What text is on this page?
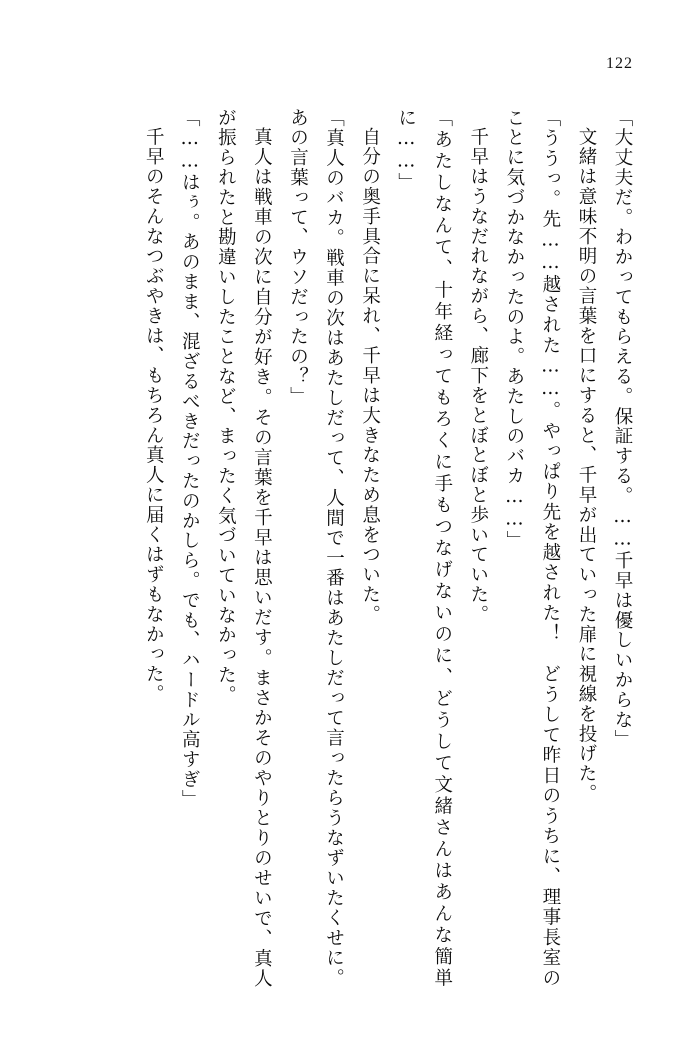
122

「大丈夫だ。わかってもらえる。保証する。……千早は優しいからな」

文緒は意味不明の言葉を口にすると、千早が出ていった扉に視線を投げた。

「ううっ。先……越された……。やっぱり先を越された！　どうして昨日のうちに、理事長室のことに気づかなかったのよ。あたしのバカ……」

千早はうなだれながら、廊下をとぼとぼと歩いていた。

「あたしなんて、十年経ってもろくに手もつなげないのに、どうして文緒さんはあんな簡単に……」

自分の奥手具合に呆れ、千早は大きなため息をついた。

「真人のバカ。戦車の次はあたしだって、人間で一番はあたしだって言ったらうなずいたくせに。あの言葉って、ウソだったの？」

真人は戦車の次に自分が好き。その言葉を千早は思いだす。まさかそのやりとりのせいで、真人が振られたと勘違いしたことなど、まったく気づいていなかった。

「……はぅ。あのまま、混ざるべきだったのかしら。でも、ハードル高すぎ」

千早のそんなつぶやきは、もちろん真人に届くはずもなかった。
